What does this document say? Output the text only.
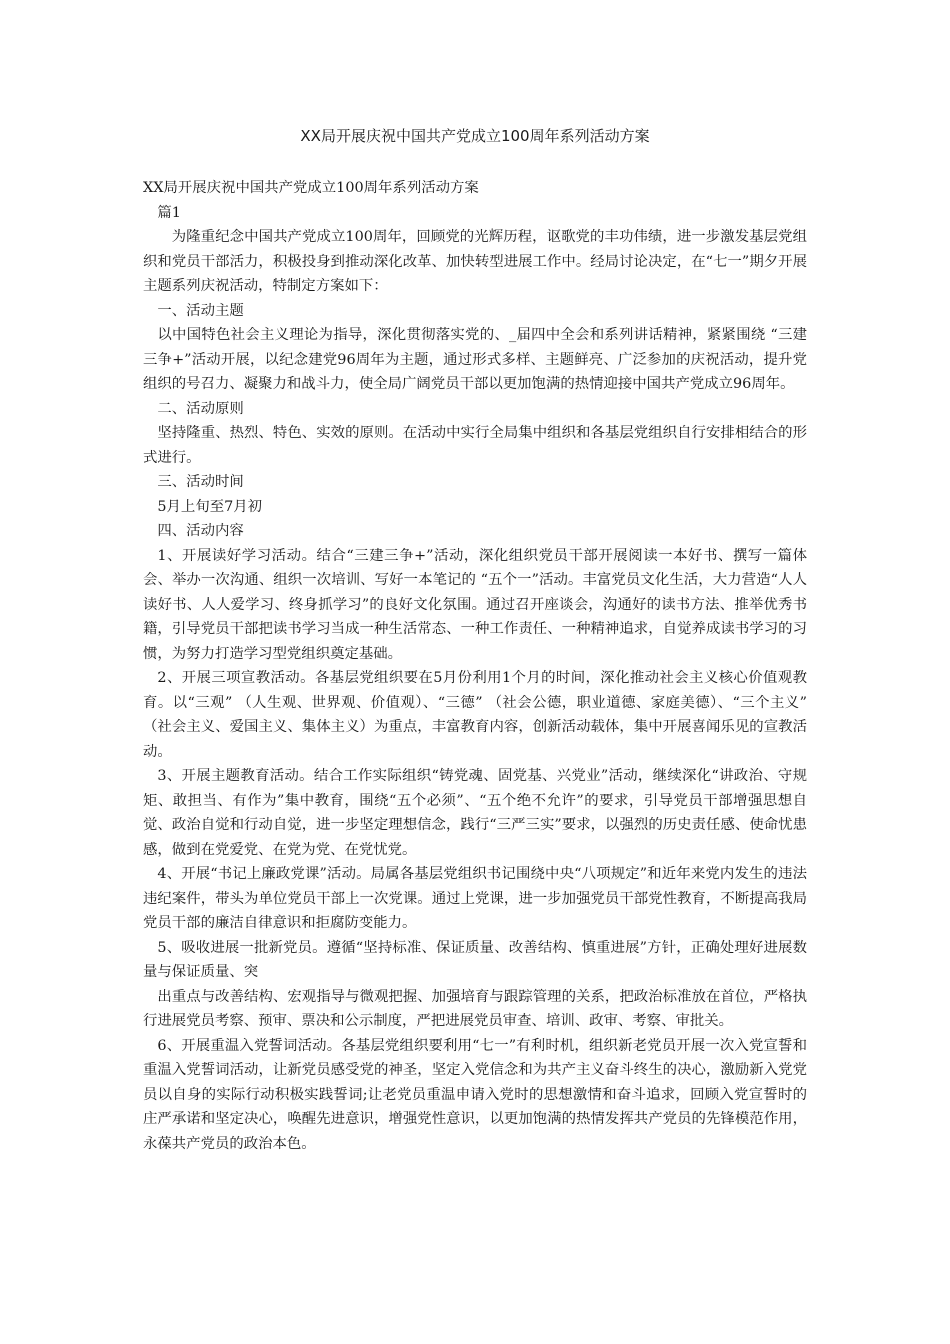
XX局开展庆祝中国共产党成立100周年系列活动方案

XX局开展庆祝中国共产党成立100周年系列活动方案

篇1

为隆重纪念中国共产党成立100周年，回顾党的光辉历程，讴歌党的丰功伟绩，进一步激发基层党组织和党员干部活力，积极投身到推动深化改革、加快转型进展工作中。经局讨论决定，在“七一”期夕开展主题系列庆祝活动，特制定方案如下：

一、活动主题

以中国特色社会主义理论为指导，深化贯彻落实党的、_届四中全会和系列讲话精神，紧紧围绕 “三建三争+”活动开展，以纪念建党96周年为主题，通过形式多样、主题鲜亮、广泛参加的庆祝活动，提升党组织的号召力、凝聚力和战斗力，使全局广阔党员干部以更加饱满的热情迎接中国共产党成立96周年。

二、活动原则

坚持隆重、热烈、特色、实效的原则。在活动中实行全局集中组织和各基层党组织自行安排相结合的形式进行。

三、活动时间

5月上旬至7月初

四、活动内容

1、开展读好学习活动。结合“三建三争+”活动，深化组织党员干部开展阅读一本好书、撰写一篇体会、举办一次沟通、组织一次培训、写好一本笔记的 “五个一”活动。丰富党员文化生活，大力营造“人人读好书、人人爱学习、终身抓学习”的良好文化氛围。通过召开座谈会，沟通好的读书方法、推举优秀书籍，引导党员干部把读书学习当成一种生活常态、一种工作责任、一种精神追求，自觉养成读书学习的习惯，为努力打造学习型党组织奠定基础。

2、开展三项宣教活动。各基层党组织要在5月份利用1个月的时间，深化推动社会主义核心价值观教育。以“三观” （人生观、世界观、价值观）、“三德” （社会公德，职业道德、家庭美德）、“三个主义” （社会主义、爱国主义、集体主义）为重点，丰富教育内容，创新活动载体，集中开展喜闻乐见的宣教活动。

3、开展主题教育活动。结合工作实际组织“铸党魂、固党基、兴党业”活动，继续深化“讲政治、守规矩、敢担当、有作为”集中教育，围绕“五个必须”、“五个绝不允许”的要求，引导党员干部增强思想自觉、政治自觉和行动自觉，进一步坚定理想信念，践行“三严三实”要求，以强烈的历史责任感、使命忧患感，做到在党爱党、在党为党、在党忧党。

4、开展“书记上廉政党课”活动。局属各基层党组织书记围绕中央“八项规定”和近年来党内发生的违法违纪案件，带头为单位党员干部上一次党课。通过上党课，进一步加强党员干部党性教育，不断提高我局党员干部的廉洁自律意识和拒腐防变能力。

5、吸收进展一批新党员。遵循“坚持标准、保证质量、改善结构、慎重进展”方针，正确处理好进展数量与保证质量、突

出重点与改善结构、宏观指导与微观把握、加强培育与跟踪管理的关系，把政治标准放在首位，严格执行进展党员考察、预审、票决和公示制度，严把进展党员审查、培训、政审、考察、审批关。

6、开展重温入党誓词活动。各基层党组织要利用“七一”有利时机，组织新老党员开展一次入党宣誓和重温入党誓词活动，让新党员感受党的神圣，坚定入党信念和为共产主义奋斗终生的决心，激励新入党党员以自身的实际行动积极实践誓词;让老党员重温申请入党时的思想激情和奋斗追求，回顾入党宣誓时的庄严承诺和坚定决心，唤醒先进意识，增强党性意识，以更加饱满的热情发挥共产党员的先锋模范作用，永葆共产党员的政治本色。
